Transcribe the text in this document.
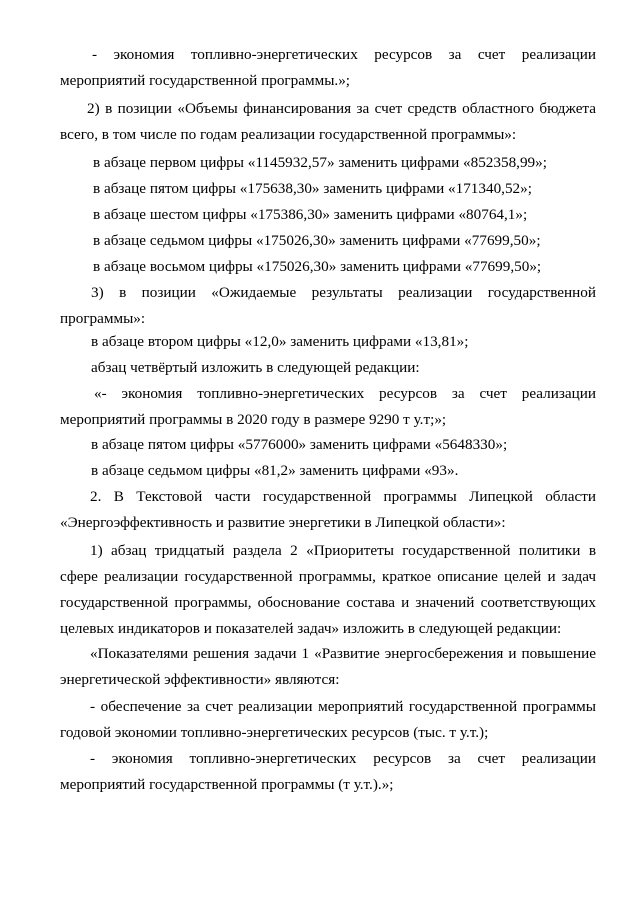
- экономия топливно-энергетических ресурсов за счет реализации
мероприятий государственной программы.»;
2) в позиции «Объемы финансирования за счет средств областного бюджета
всего, в том числе по годам реализации государственной программы»:
в абзаце первом цифры «1145932,57» заменить цифрами «852358,99»;
в абзаце пятом цифры «175638,30» заменить цифрами «171340,52»;
в абзаце шестом цифры «175386,30» заменить цифрами «80764,1»;
в абзаце седьмом цифры «175026,30» заменить цифрами «77699,50»;
в абзаце восьмом цифры «175026,30» заменить цифрами «77699,50»;
3) в позиции «Ожидаемые результаты реализации государственной
программы»:
в абзаце втором цифры «12,0» заменить цифрами «13,81»;
абзац четвёртый изложить в следующей редакции:
«- экономия топливно-энергетических ресурсов за счет реализации
мероприятий программы в 2020 году в размере 9290 т у.т;»;
в абзаце пятом цифры «5776000» заменить цифрами «5648330»;
в абзаце седьмом цифры «81,2» заменить цифрами «93».
2. В Текстовой части государственной программы Липецкой области
«Энергоэффективность и развитие энергетики в Липецкой области»:
1) абзац тридцатый раздела 2 «Приоритеты государственной политики в
сфере реализации государственной программы, краткое описание целей и задач
государственной программы, обоснование состава и значений соответствующих
целевых индикаторов и показателей задач» изложить в следующей редакции:
«Показателями решения задачи 1 «Развитие энергосбережения и повышение
энергетической эффективности» являются:
- обеспечение за счет реализации мероприятий государственной программы
годовой экономии топливно-энергетических ресурсов (тыс. т у.т.);
- экономия топливно-энергетических ресурсов за счет реализации
мероприятий государственной программы (т у.т.).»;
